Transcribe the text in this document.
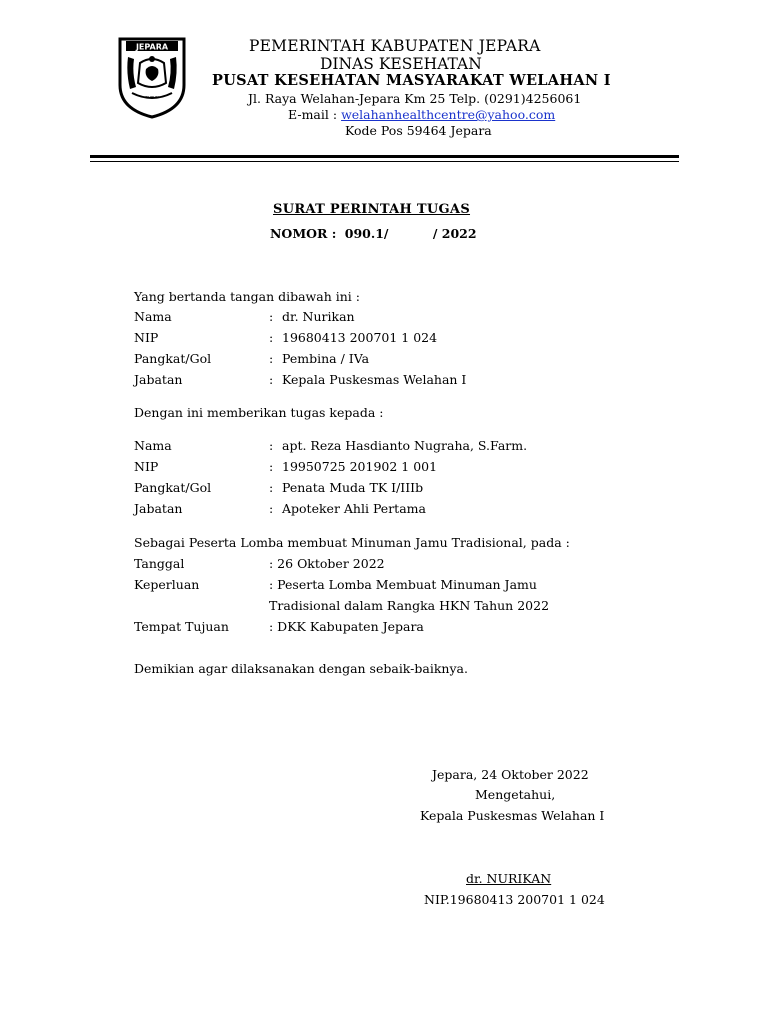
JEPARA
≈≈≈
PEMERINTAH KABUPATEN JEPARA
DINAS KESEHATAN
PUSAT KESEHATAN MASYARAKAT WELAHAN I
Jl. Raya Welahan-Jepara Km 25 Telp. (0291)4256061
E-mail : welahanhealthcentre@yahoo.com
Kode Pos 59464 Jepara
SURAT PERINTAH TUGAS
NOMOR : 090.1/	/ 2022
Yang bertanda tangan dibawah ini :
Nama	: dr. Nurikan
NIP	: 19680413 200701 1 024
Pangkat/Gol	: Pembina / IVa
Jabatan	: Kepala Puskesmas Welahan I
Dengan ini memberikan tugas kepada :
Nama	: apt. Reza Hasdianto Nugraha, S.Farm.
NIP	: 19950725 201902 1 001
Pangkat/Gol	: Penata Muda TK I/IIIb
Jabatan	: Apoteker Ahli Pertama
Sebagai Peserta Lomba membuat Minuman Jamu Tradisional, pada :
Tanggal	: 26 Oktober 2022
Keperluan	: Peserta Lomba Membuat Minuman Jamu
Tradisional dalam Rangka HKN Tahun 2022
Tempat Tujuan	: DKK Kabupaten Jepara
Demikian agar dilaksanakan dengan sebaik-baiknya.
Jepara, 24 Oktober 2022
Mengetahui,
Kepala Puskesmas Welahan I
dr. NURIKAN
NIP.19680413 200701 1 024
